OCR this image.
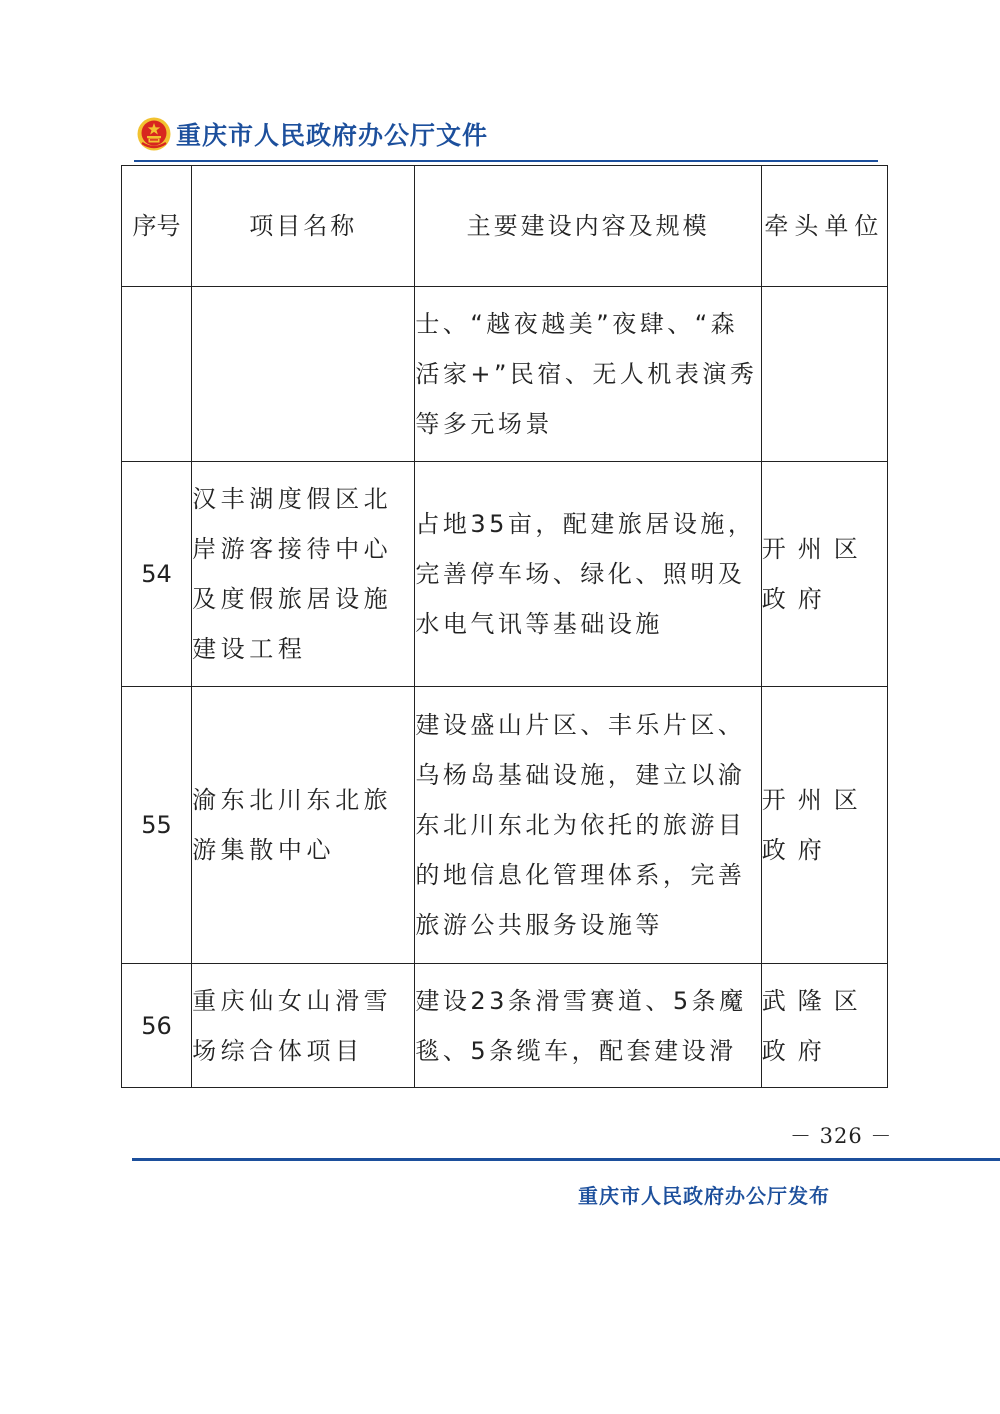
重庆市人民政府办公厅文件
序号	项目名称	主要建设内容及规模	牵头单位
		士、“越夜越美”夜肆、“森活家+”民宿、无人机表演秀等多元场景	
54	汉丰湖度假区北岸游客接待中心及度假旅居设施建设工程	占地35亩，配建旅居设施，完善停车场、绿化、照明及水电气讯等基础设施	开州区政府
55	渝东北川东北旅游集散中心	建设盛山片区、丰乐片区、乌杨岛基础设施，建立以渝东北川东北为依托的旅游目的地信息化管理体系，完善旅游公共服务设施等	开州区政府
56	重庆仙女山滑雪场综合体项目	建设23条滑雪赛道、5条魔毯、5条缆车，配套建设滑	武隆区政府
－ 326 －
重庆市人民政府办公厅发布
